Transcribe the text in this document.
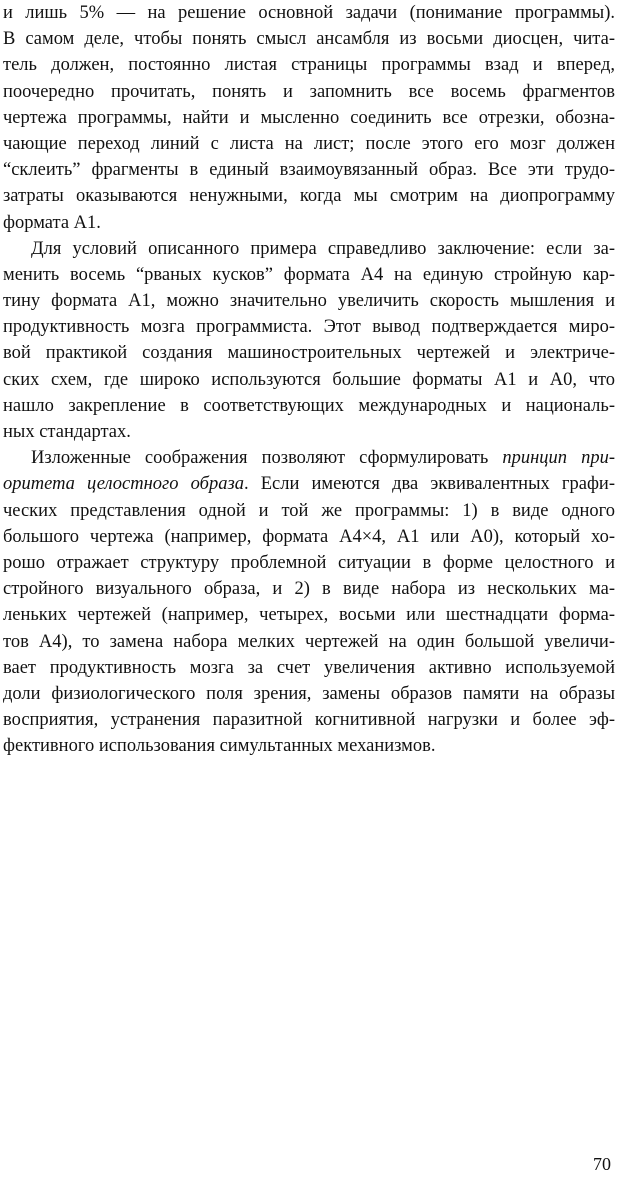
и лишь 5% — на решение основной задачи (понимание программы).
В самом деле, чтобы понять смысл ансамбля из восьми диосцен, чита-
тель должен, постоянно листая страницы программы взад и вперед,
поочередно прочитать, понять и запомнить все восемь фрагментов
чертежа программы, найти и мысленно соединить все отрезки, обозна-
чающие переход линий с листа на лист; после этого его мозг должен
“склеить” фрагменты в единый взаимоувязанный образ. Все эти трудо-
затраты оказываются ненужными, когда мы смотрим на диопрограмму
формата А1.
Для условий описанного примера справедливо заключение: если за-
менить восемь “рваных кусков” формата А4 на единую стройную кар-
тину формата А1, можно значительно увеличить скорость мышления и
продуктивность мозга программиста. Этот вывод подтверждается миро-
вой практикой создания машиностроительных чертежей и электриче-
ских схем, где широко используются большие форматы А1 и А0, что
нашло закрепление в соответствующих международных и националь-
ных стандартах.
Изложенные соображения позволяют сформулировать принцип при-
оритета целостного образа. Если имеются два эквивалентных графи-
ческих представления одной и той же программы: 1) в виде одного
большого чертежа (например, формата А4×4, А1 или А0), который хо-
рошо отражает структуру проблемной ситуации в форме целостного и
стройного визуального образа, и 2) в виде набора из нескольких ма-
леньких чертежей (например, четырех, восьми или шестнадцати форма-
тов А4), то замена набора мелких чертежей на один большой увеличи-
вает продуктивность мозга за счет увеличения активно используемой
доли физиологического поля зрения, замены образов памяти на образы
восприятия, устранения паразитной когнитивной нагрузки и более эф-
фективного использования симультанных механизмов.
70
